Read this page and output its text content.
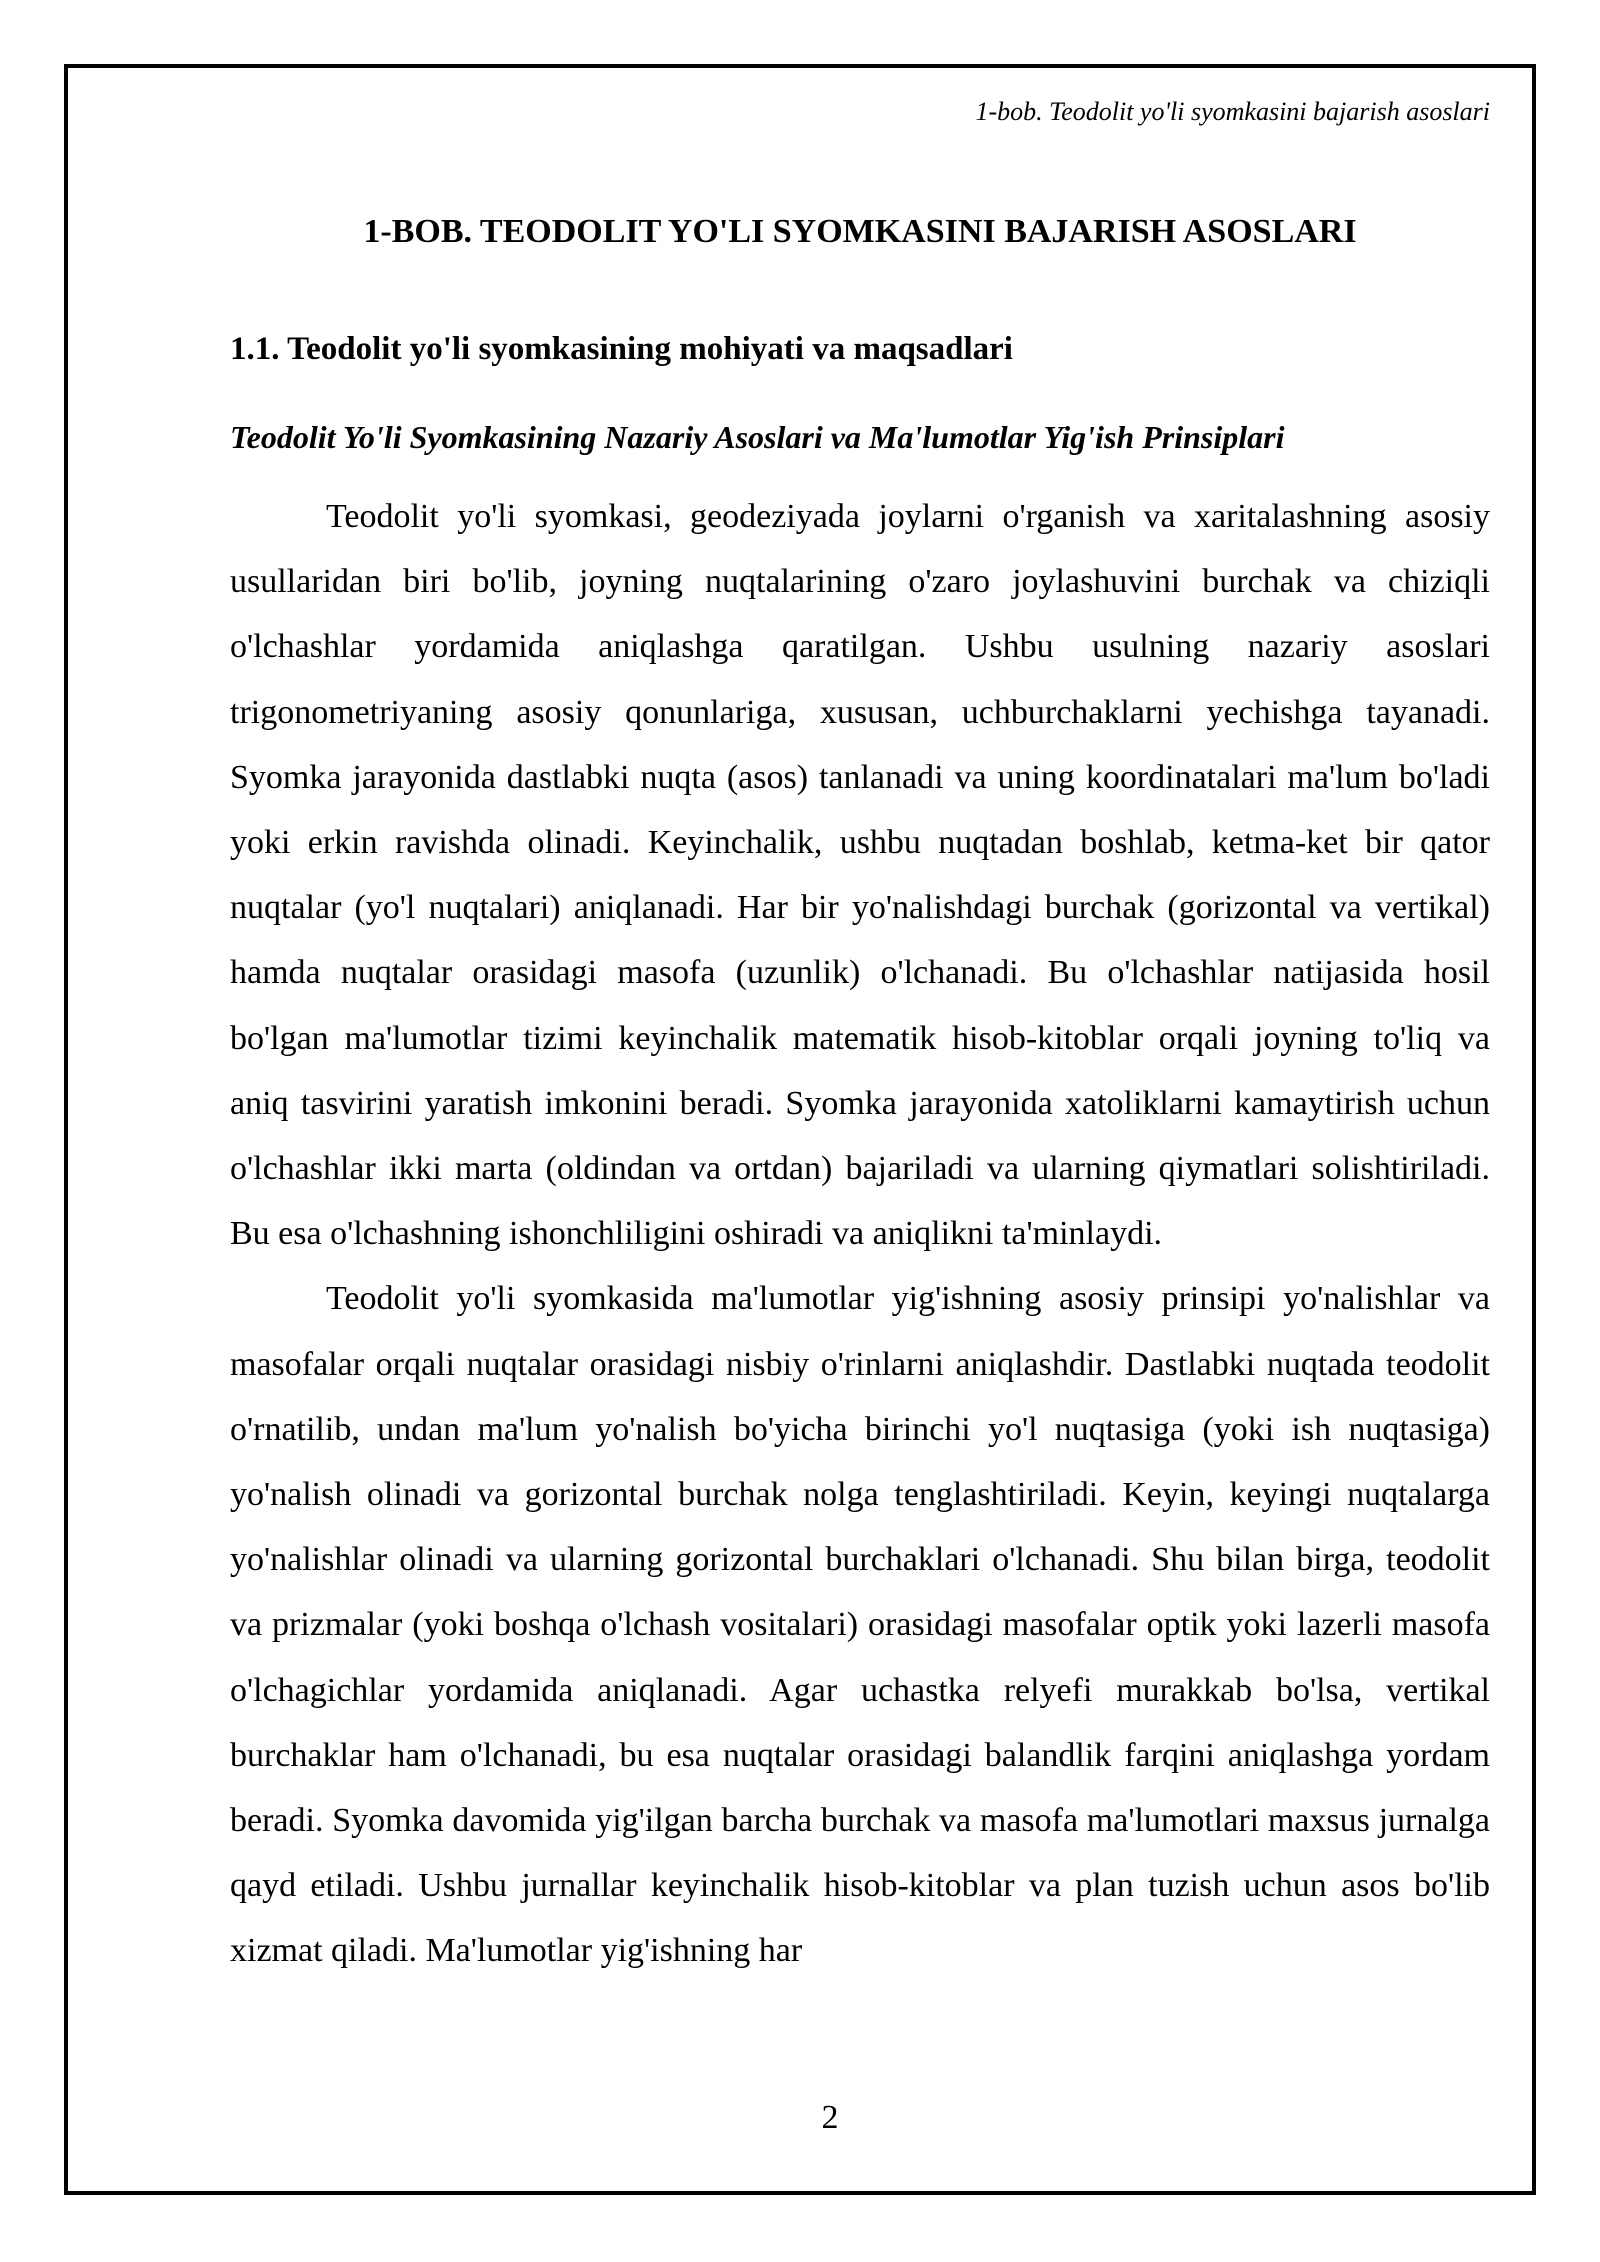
1-bob. Teodolit yo'li syomkasini bajarish asoslari
1-BOB. TEODOLIT YO'LI SYOMKASINI BAJARISH ASOSLARI
1.1. Teodolit yo'li syomkasining mohiyati va maqsadlari
Teodolit Yo'li Syomkasining Nazariy Asoslari va Ma'lumotlar Yig'ish Prinsiplari

Teodolit yo'li syomkasi, geodeziyada joylarni o'rganish va xaritalashning asosiy usullaridan biri bo'lib, joyning nuqtalarining o'zaro joylashuvini burchak va chiziqli o'lchashlar yordamida aniqlashga qaratilgan. Ushbu usulning nazariy asoslari trigonometriyaning asosiy qonunlariga, xususan, uchburchaklarni yechishga tayanadi. Syomka jarayonida dastlabki nuqta (asos) tanlanadi va uning koordinatalari ma'lum bo'ladi yoki erkin ravishda olinadi. Keyinchalik, ushbu nuqtadan boshlab, ketma-ket bir qator nuqtalar (yo'l nuqtalari) aniqlanadi. Har bir yo'nalishdagi burchak (gorizontal va vertikal) hamda nuqtalar orasidagi masofa (uzunlik) o'lchanadi. Bu o'lchashlar natijasida hosil bo'lgan ma'lumotlar tizimi keyinchalik matematik hisob-kitoblar orqali joyning to'liq va aniq tasvirini yaratish imkonini beradi. Syomka jarayonida xatoliklarni kamaytirish uchun o'lchashlar ikki marta (oldindan va ortdan) bajariladi va ularning qiymatlari solishtiriladi. Bu esa o'lchashning ishonchliligini oshiradi va aniqlikni ta'minlaydi.

Teodolit yo'li syomkasida ma'lumotlar yig'ishning asosiy prinsipi yo'nalishlar va masofalar orqali nuqtalar orasidagi nisbiy o'rinlarni aniqlashdir. Dastlabki nuqtada teodolit o'rnatilib, undan ma'lum yo'nalish bo'yicha birinchi yo'l nuqtasiga (yoki ish nuqtasiga) yo'nalish olinadi va gorizontal burchak nolga tenglashtiriladi. Keyin, keyingi nuqtalarga yo'nalishlar olinadi va ularning gorizontal burchaklari o'lchanadi. Shu bilan birga, teodolit va prizmalar (yoki boshqa o'lchash vositalari) orasidagi masofalar optik yoki lazerli masofa o'lchagichlar yordamida aniqlanadi. Agar uchastka relyefi murakkab bo'lsa, vertikal burchaklar ham o'lchanadi, bu esa nuqtalar orasidagi balandlik farqini aniqlashga yordam beradi. Syomka davomida yig'ilgan barcha burchak va masofa ma'lumotlari maxsus jurnalga qayd etiladi. Ushbu jurnallar keyinchalik hisob-kitoblar va plan tuzish uchun asos bo'lib xizmat qiladi. Ma'lumotlar yig'ishning har

2
